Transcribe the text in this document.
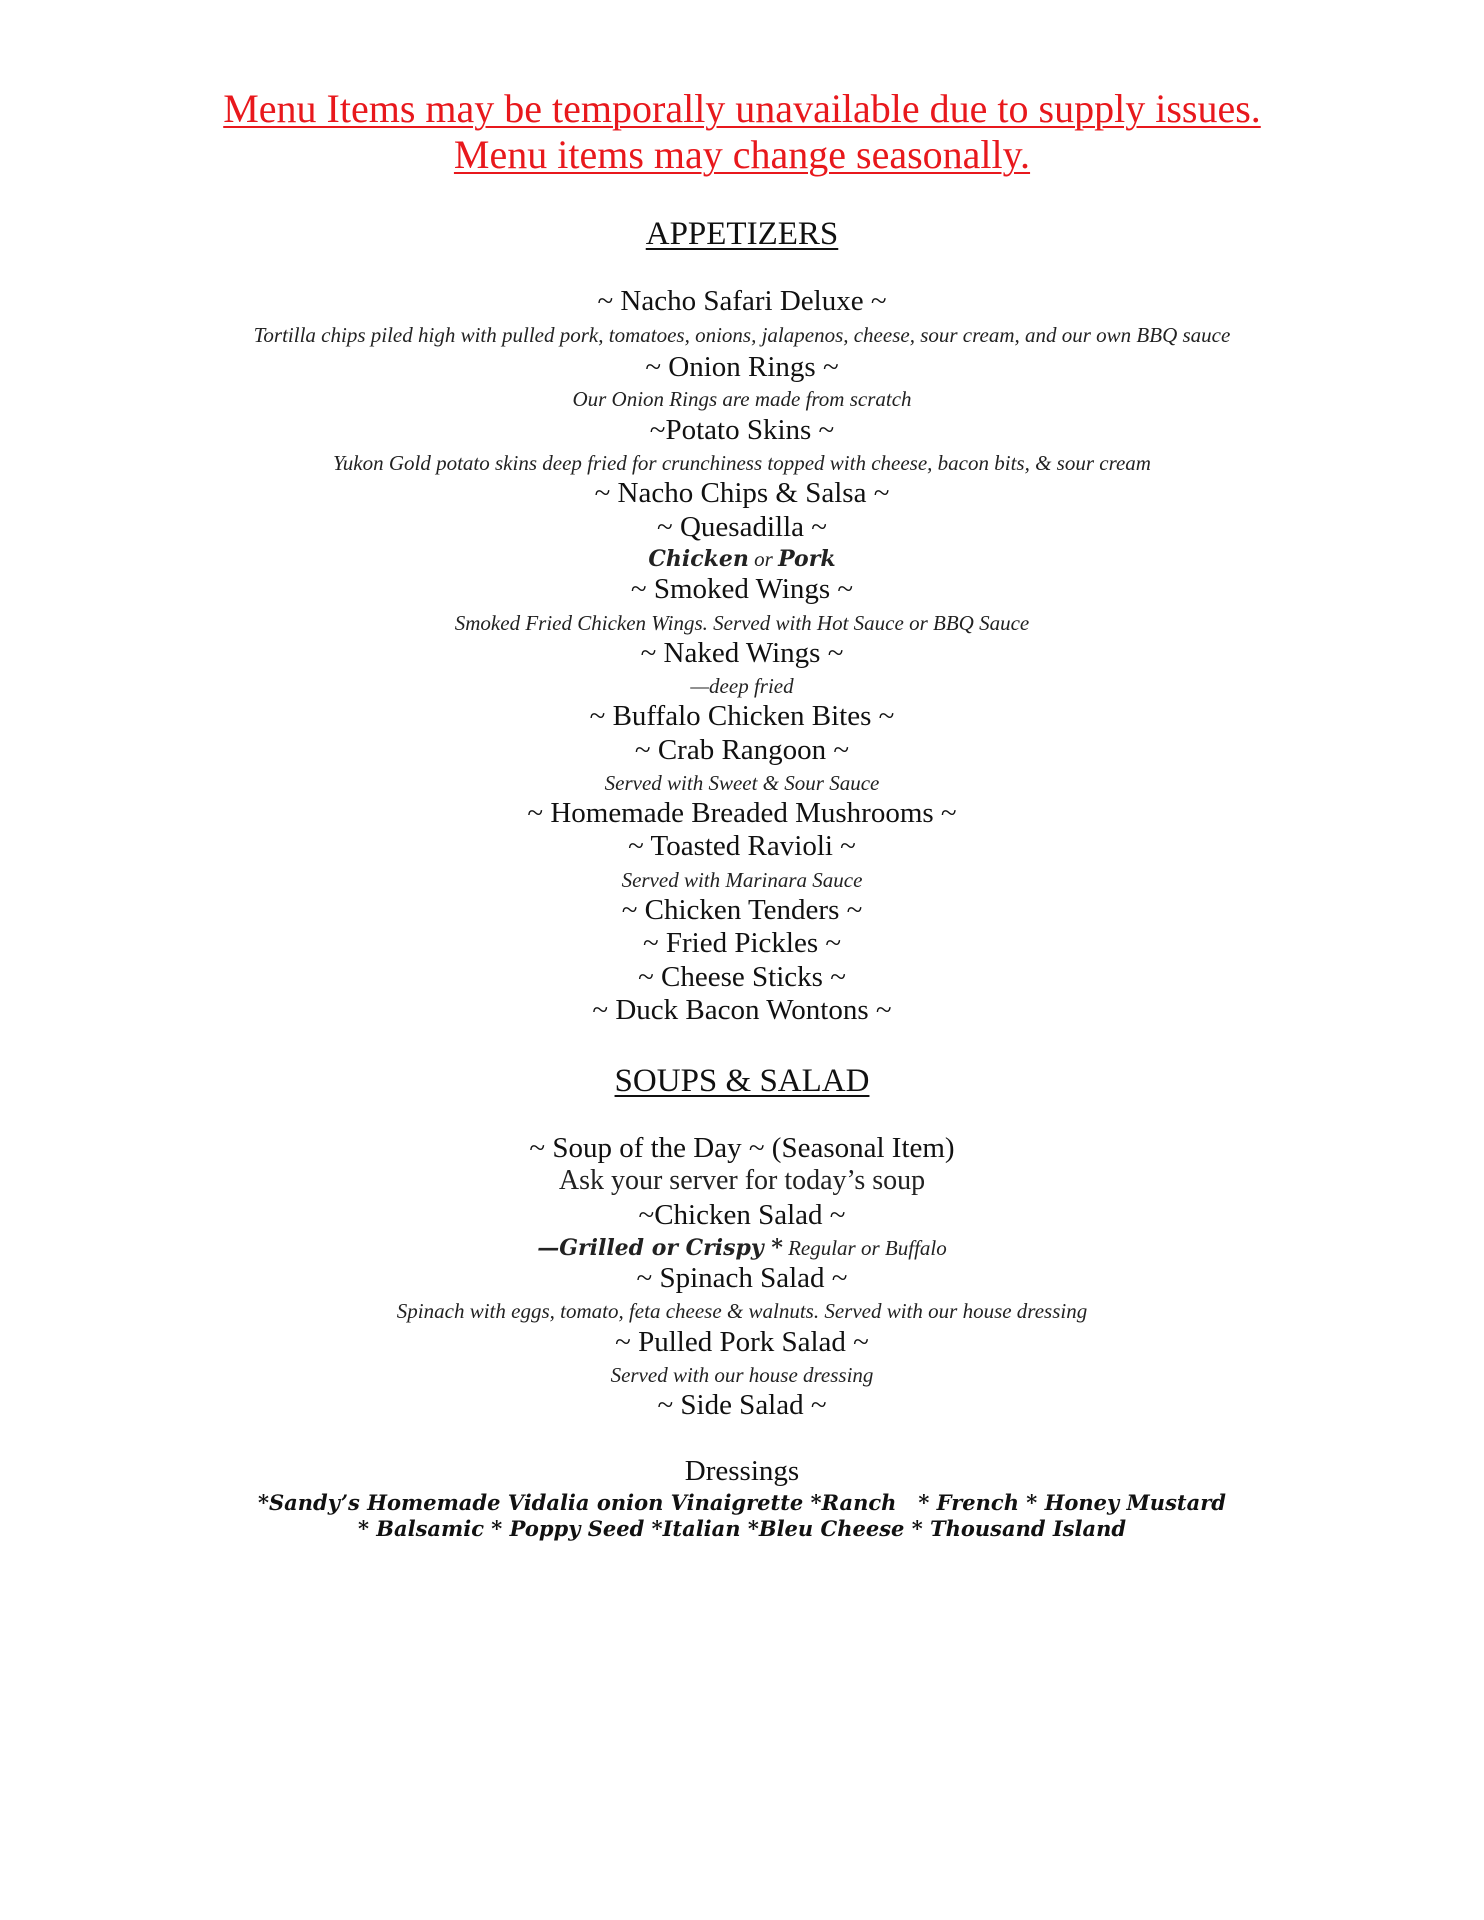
Menu Items may be temporally unavailable due to supply issues.
Menu items may change seasonally.
APPETIZERS
~ Nacho Safari Deluxe ~
Tortilla chips piled high with pulled pork, tomatoes, onions, jalapenos, cheese, sour cream, and our own BBQ sauce
~ Onion Rings ~
Our Onion Rings are made from scratch
~Potato Skins ~
Yukon Gold potato skins deep fried for crunchiness topped with cheese, bacon bits, & sour cream
~ Nacho Chips & Salsa ~
~ Quesadilla ~
Chicken or Pork
~ Smoked Wings ~
Smoked Fried Chicken Wings. Served with Hot Sauce or BBQ Sauce
~ Naked Wings ~
—deep fried
~ Buffalo Chicken Bites ~
~ Crab Rangoon ~
Served with Sweet & Sour Sauce
~ Homemade Breaded Mushrooms ~
~ Toasted Ravioli ~
Served with Marinara Sauce
~ Chicken Tenders ~
~ Fried Pickles ~
~ Cheese Sticks ~
~ Duck Bacon Wontons ~
SOUPS & SALAD
~ Soup of the Day ~ (Seasonal Item)
Ask your server for today’s soup
~Chicken Salad ~
—Grilled or Crispy * Regular or Buffalo
~ Spinach Salad ~
Spinach with eggs, tomato, feta cheese & walnuts. Served with our house dressing
~ Pulled Pork Salad ~
Served with our house dressing
~ Side Salad ~
Dressings
*Sandy’s Homemade Vidalia onion Vinaigrette *Ranch   * French * Honey Mustard
* Balsamic * Poppy Seed *Italian *Bleu Cheese * Thousand Island
